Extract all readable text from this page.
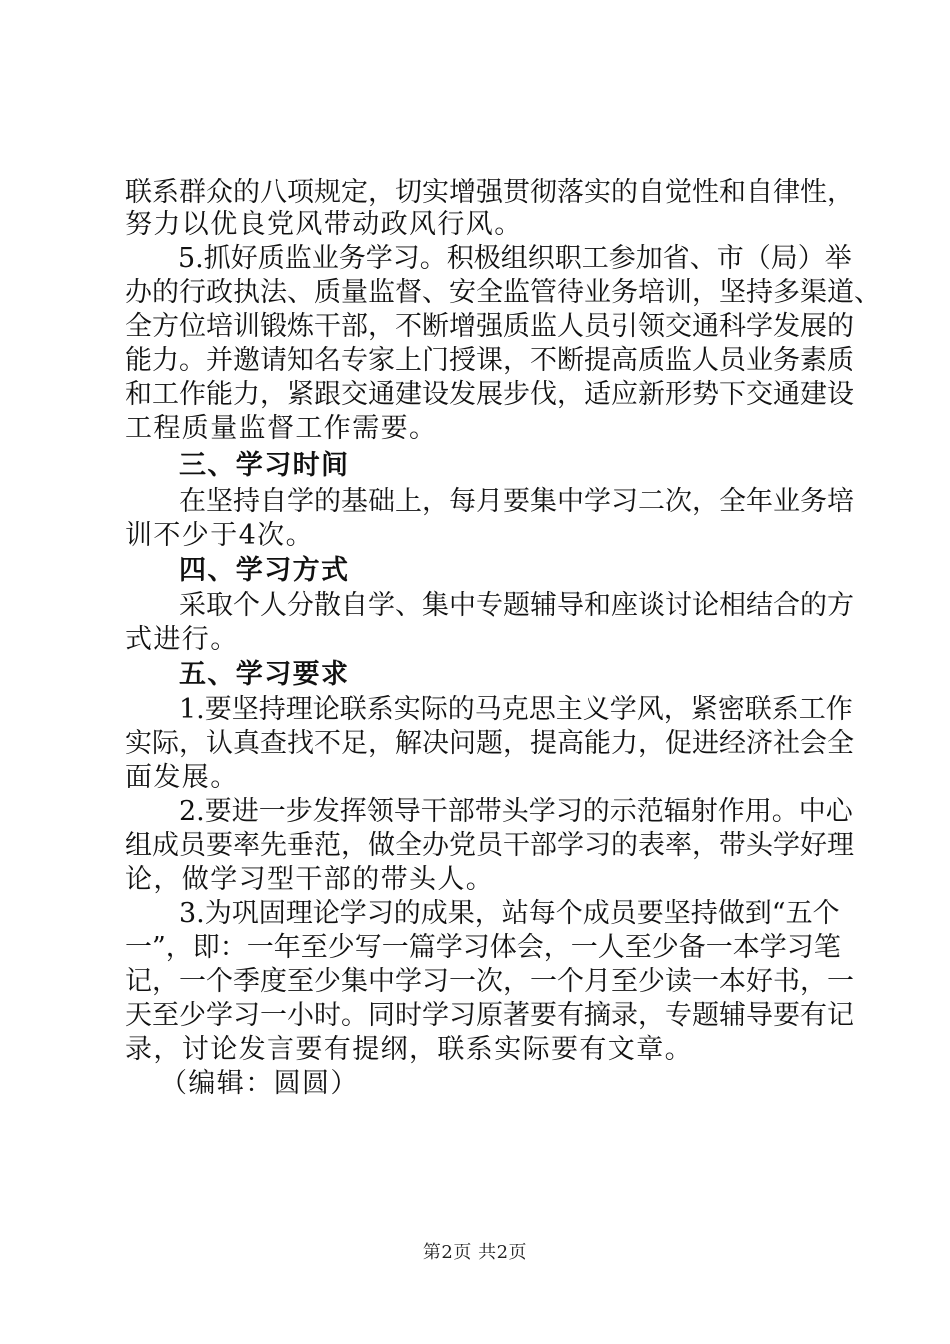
联系群众的八项规定，切实增强贯彻落实的自觉性和自律性，
努力以优良党风带动政风行风。
5.抓好质监业务学习。积极组织职工参加省、市（局）举
办的行政执法、质量监督、安全监管待业务培训，坚持多渠道、
全方位培训锻炼干部，不断增强质监人员引领交通科学发展的
能力。并邀请知名专家上门授课，不断提高质监人员业务素质
和工作能力，紧跟交通建设发展步伐，适应新形势下交通建设
工程质量监督工作需要。
三、学习时间
在坚持自学的基础上，每月要集中学习二次，全年业务培
训不少于4次。
四、学习方式
采取个人分散自学、集中专题辅导和座谈讨论相结合的方
式进行。
五、学习要求
1.要坚持理论联系实际的马克思主义学风，紧密联系工作
实际，认真查找不足，解决问题，提高能力，促进经济社会全
面发展。
2.要进一步发挥领导干部带头学习的示范辐射作用。中心
组成员要率先垂范，做全办党员干部学习的表率，带头学好理
论，做学习型干部的带头人。
3.为巩固理论学习的成果，站每个成员要坚持做到“五个
一”，即：一年至少写一篇学习体会，一人至少备一本学习笔
记，一个季度至少集中学习一次，一个月至少读一本好书，一
天至少学习一小时。同时学习原著要有摘录，专题辅导要有记
录，讨论发言要有提纲，联系实际要有文章。
（编辑：圆圆）
第2页 共2页
